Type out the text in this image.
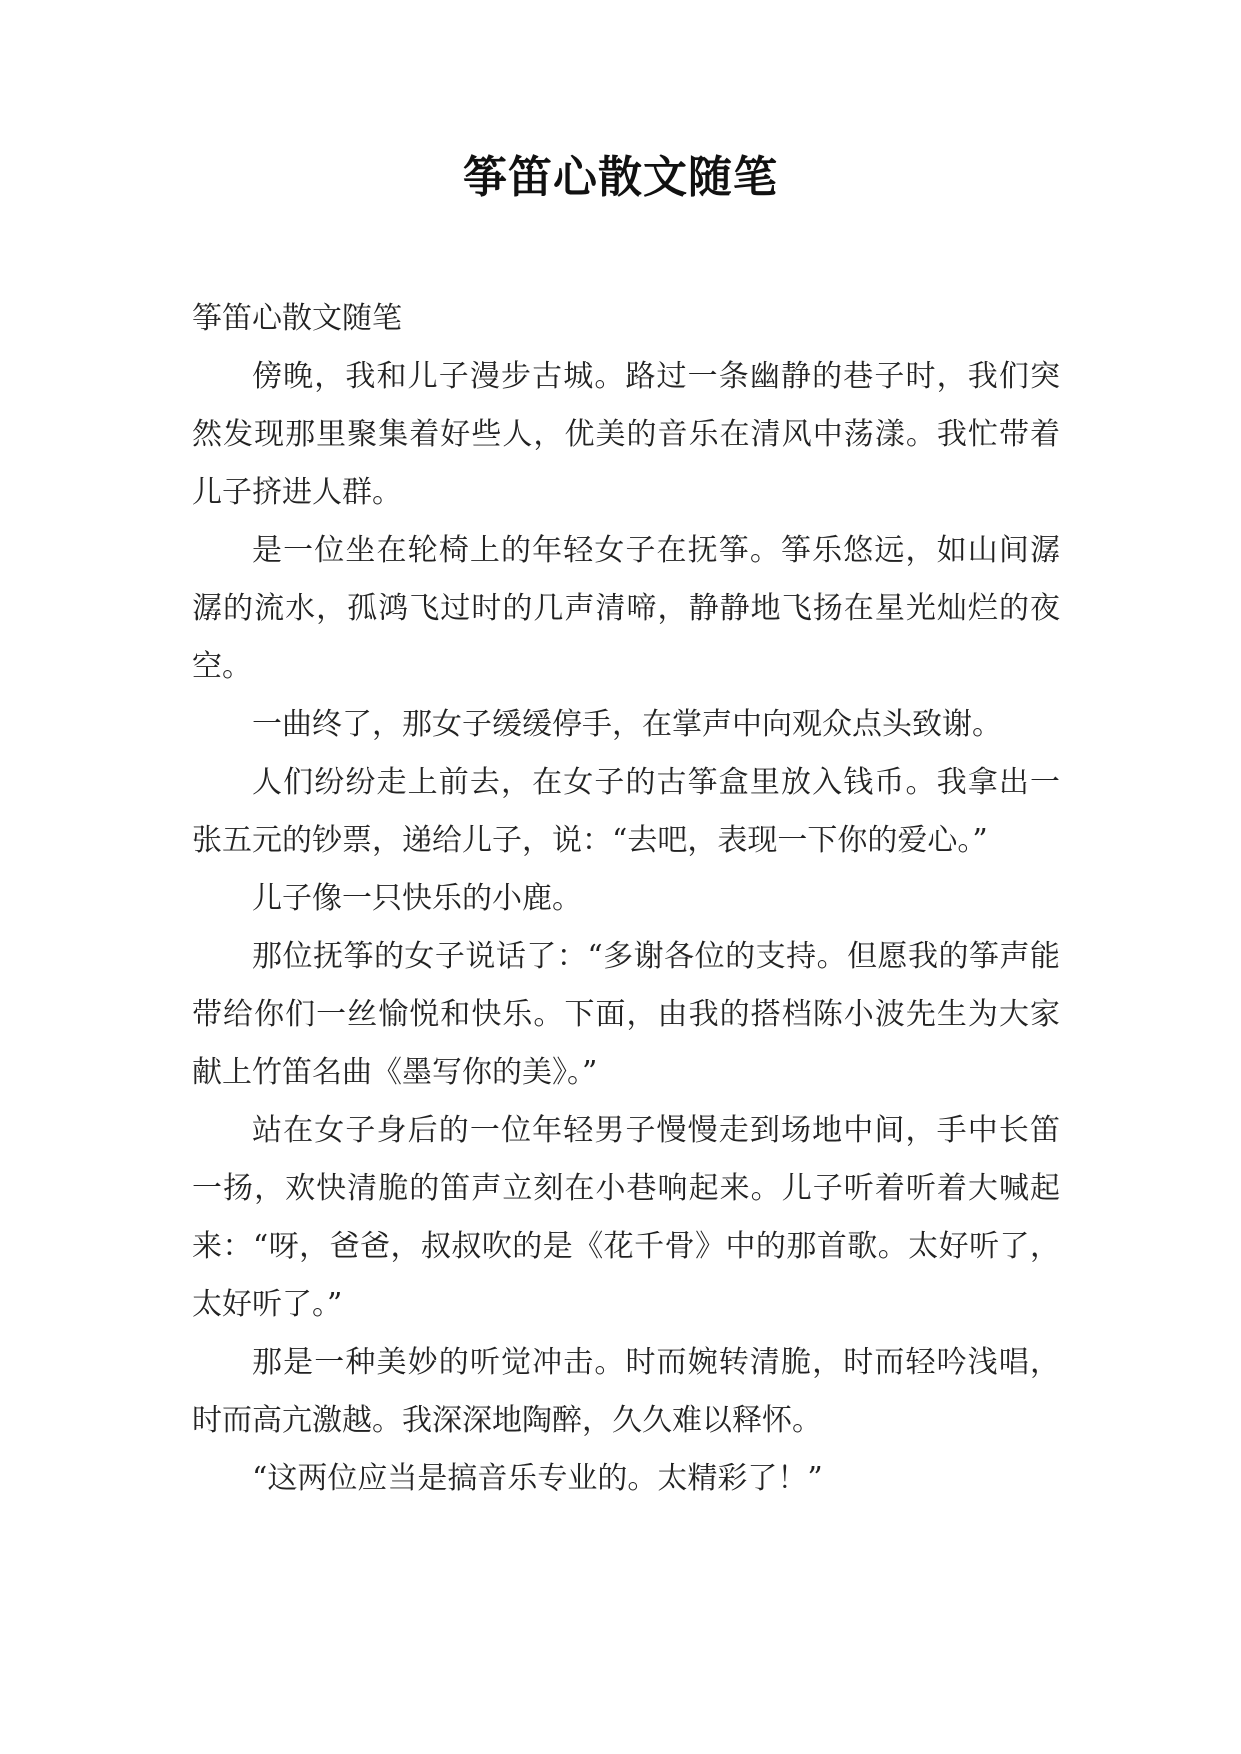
筝笛心散文随笔

筝笛心散文随笔

傍晚，我和儿子漫步古城。路过一条幽静的巷子时，我们突然发现那里聚集着好些人，优美的音乐在清风中荡漾。我忙带着儿子挤进人群。

是一位坐在轮椅上的年轻女子在抚筝。筝乐悠远，如山间潺潺的流水，孤鸿飞过时的几声清啼，静静地飞扬在星光灿烂的夜空。

一曲终了，那女子缓缓停手，在掌声中向观众点头致谢。

人们纷纷走上前去，在女子的古筝盒里放入钱币。我拿出一张五元的钞票，递给儿子，说：“去吧，表现一下你的爱心。”

儿子像一只快乐的小鹿。

那位抚筝的女子说话了：“多谢各位的支持。但愿我的筝声能带给你们一丝愉悦和快乐。下面，由我的搭档陈小波先生为大家献上竹笛名曲《墨写你的美》。”

站在女子身后的一位年轻男子慢慢走到场地中间，手中长笛一扬，欢快清脆的笛声立刻在小巷响起来。儿子听着听着大喊起来：“呀，爸爸，叔叔吹的是《花千骨》中的那首歌。太好听了，太好听了。”

那是一种美妙的听觉冲击。时而婉转清脆，时而轻吟浅唱，时而高亢激越。我深深地陶醉，久久难以释怀。

“这两位应当是搞音乐专业的。太精彩了！”
